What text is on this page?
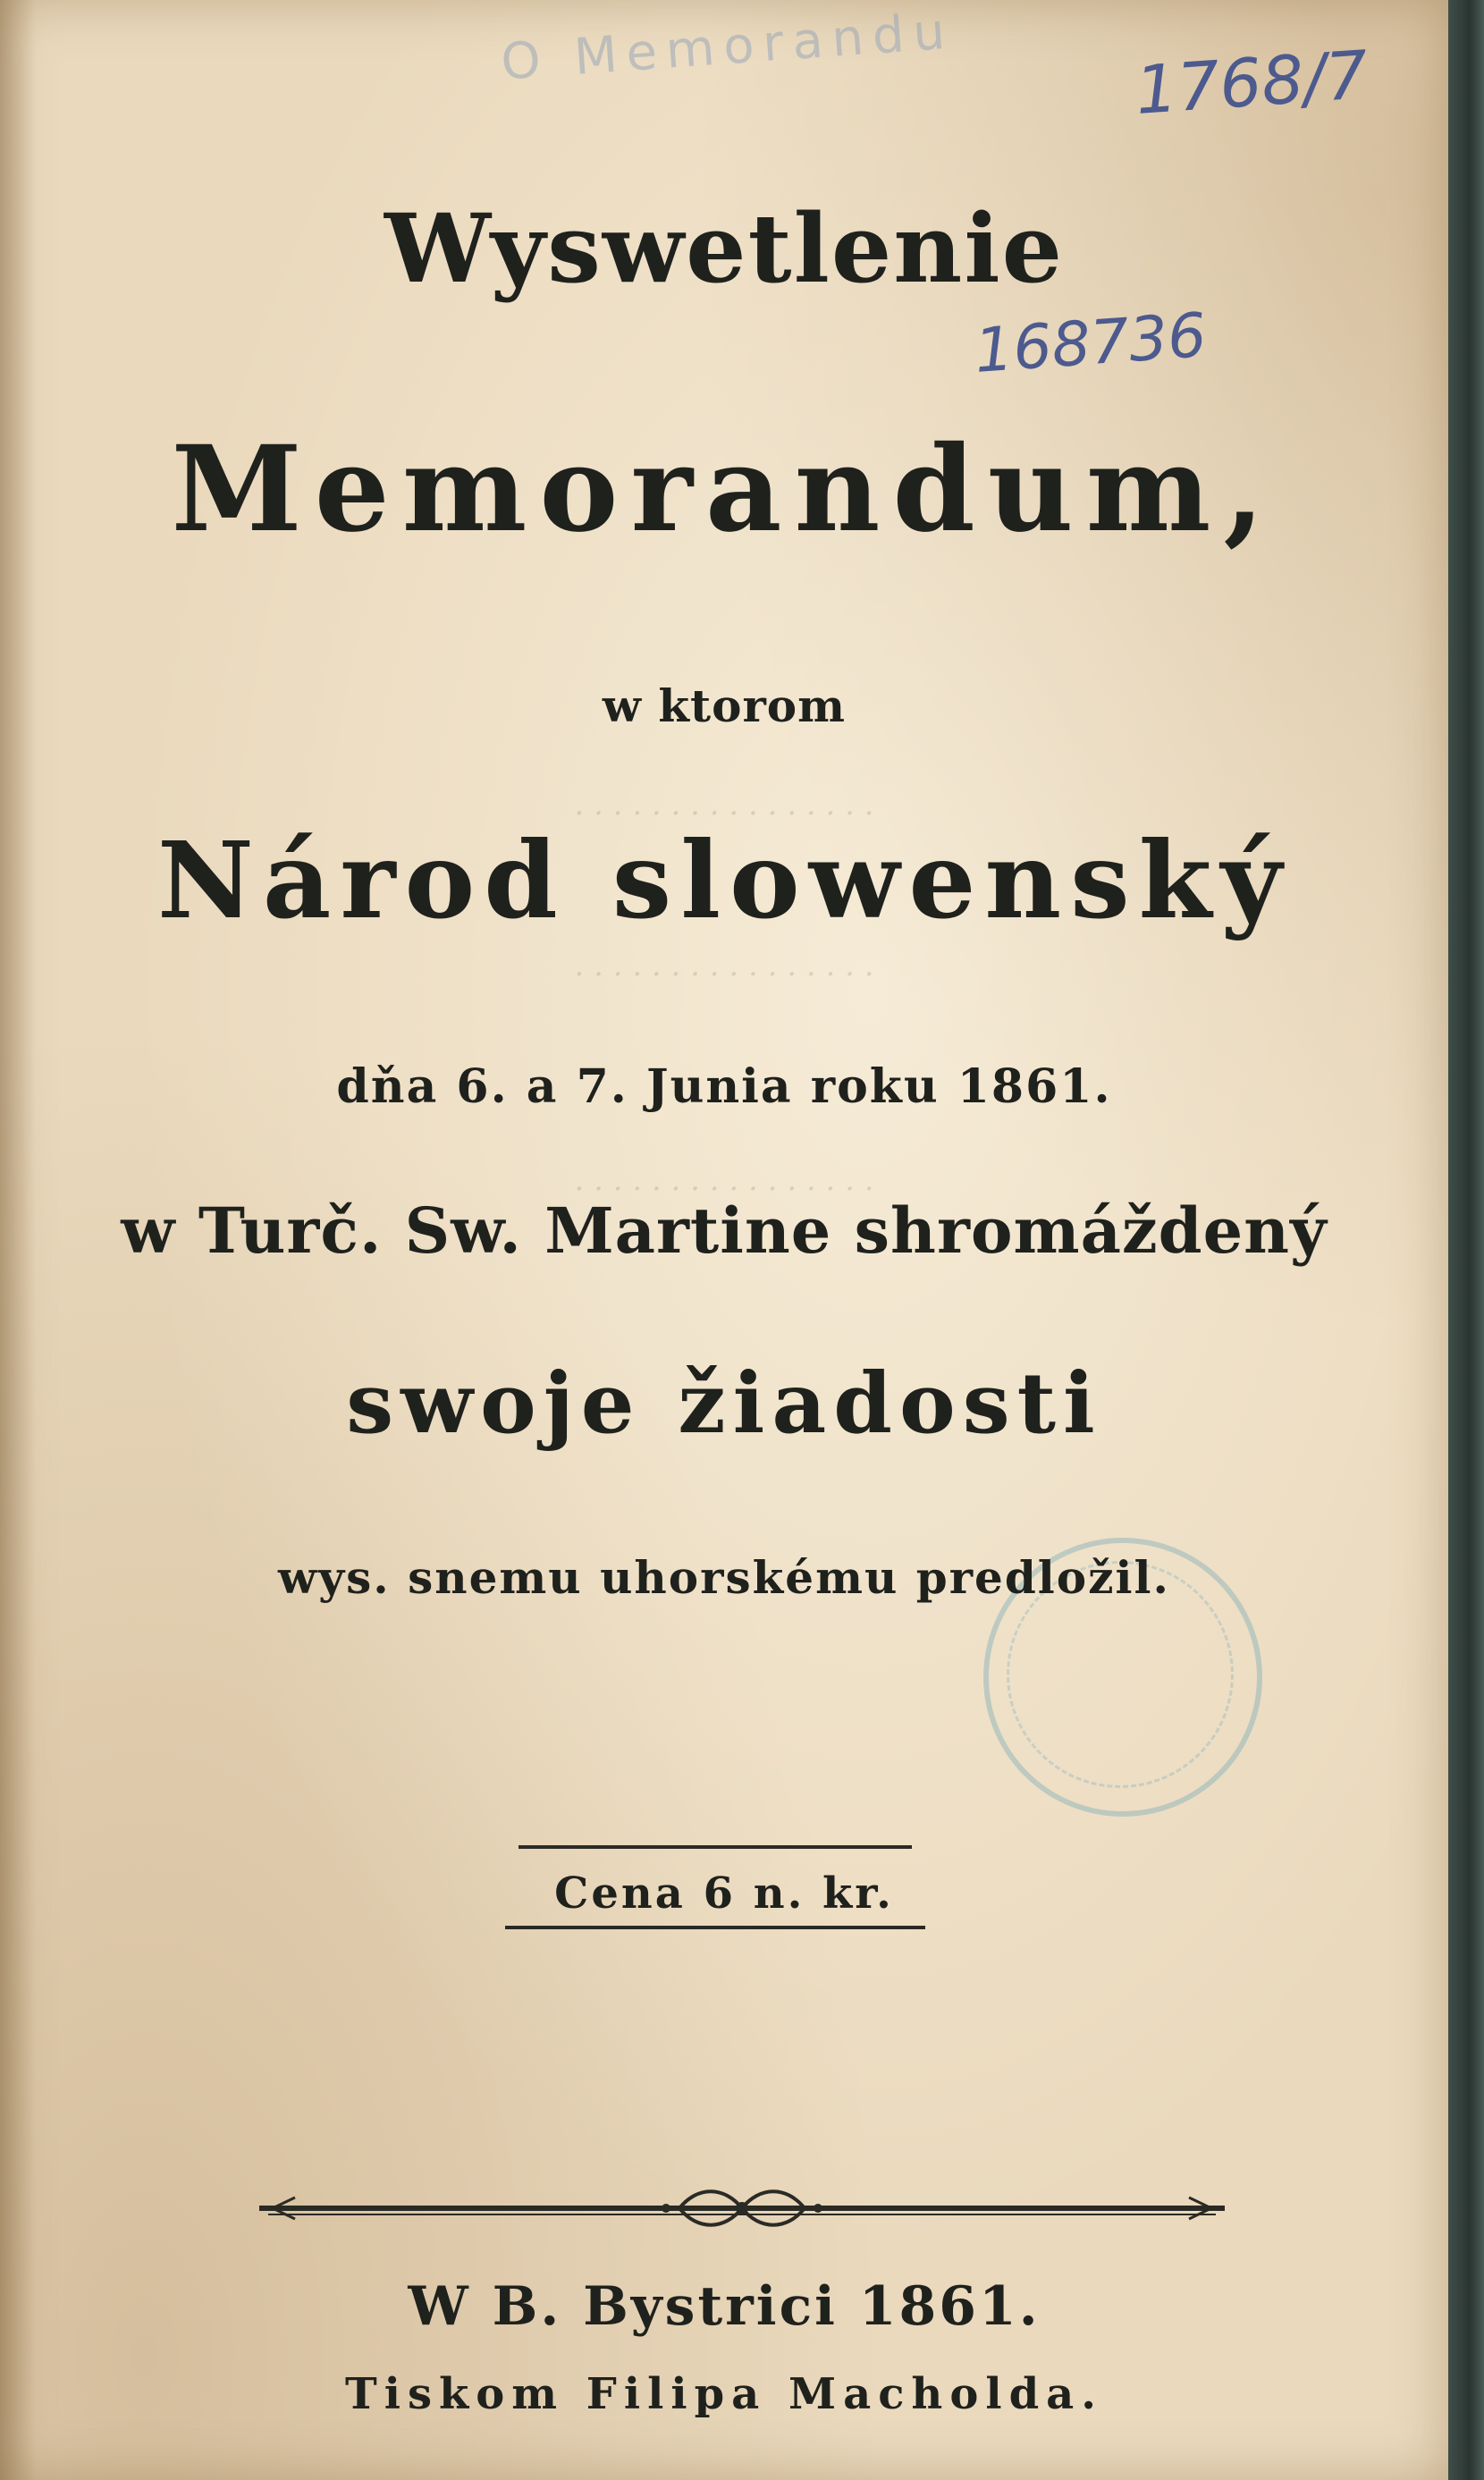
. . . . . . . . . . . . . . . .
. . . . . . . . . . . . . . . .
. . . . . . . . . . . . . . . .
O Memorandu	1768/7
168736
Wyswetlenie
Memorandum,
w ktorom
Národ slowenský
dňa 6. a 7. Junia roku 1861.
w Turč. Sw. Martine shromáždený
swoje žiadosti
wys. snemu uhorskému predložil.
Cena 6 n. kr.
W B. Bystrici 1861.
Tiskom Filipa Macholda.
